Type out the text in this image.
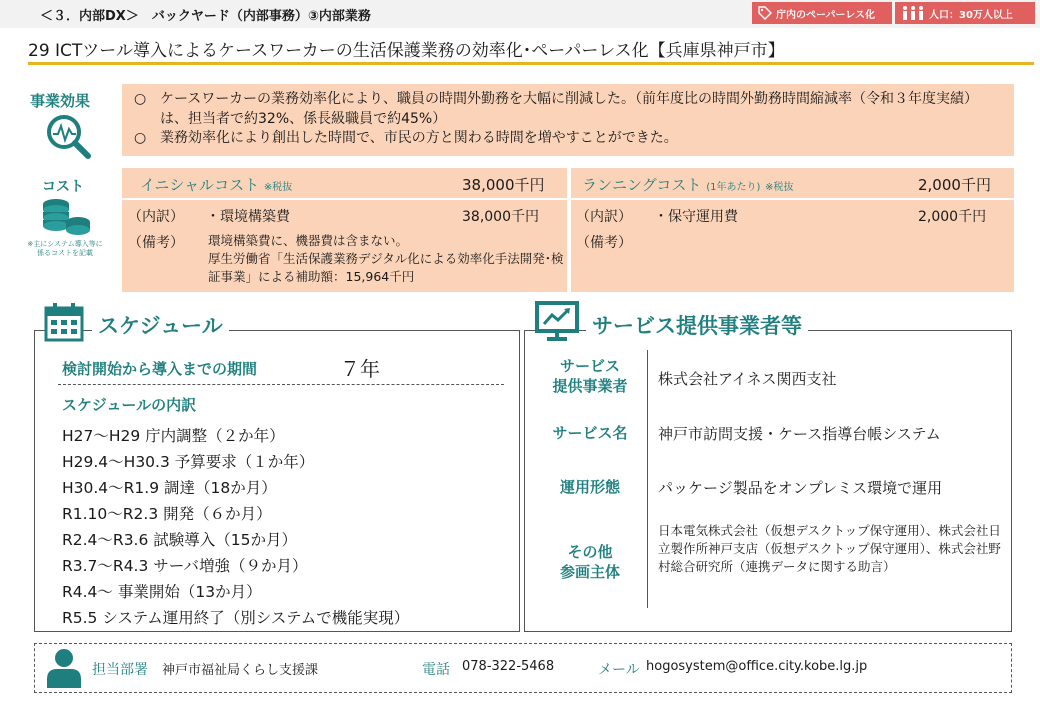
＜３．内部DX＞　バックヤード（内部事務）③内部業務	庁内のペーパーレス化	人口：30万人以上
29 ICTツール導入によるケースワーカーの生活保護業務の効率化･ペーパーレス化【兵庫県神戸市】
事業効果	○ ケースワーカーの業務効率化により、職員の時間外勤務を大幅に削減した。（前年度比の時間外勤務時間縮減率（令和３年度実績）は、担当者で約32%、係長級職員で約45%）
○ 業務効率化により創出した時間で、市民の方と関わる時間を増やすことができた。
コスト
※主にシステム導入等に係るコストを記載
イニシャルコスト ※税抜	38,000千円
（内訳） ・環境構築費	38,000千円
（備考） 環境構築費に、機器費は含まない。
厚生労働省「生活保護業務デジタル化による効率化手法開発･検証事業」による補助額：15,964千円
ランニングコスト (1年あたり) ※税抜	2,000千円
（内訳） ・保守運用費	2,000千円
（備考）
スケジュール
検討開始から導入までの期間	７年
スケジュールの内訳
H27～H29 庁内調整（２か年）
H29.4～H30.3 予算要求（１か年）
H30.4～R1.9 調達（18か月）
R1.10～R2.3 開発（６か月）
R2.4～R3.6 試験導入（15か月）
R3.7～R4.3 サーバ増強（９か月）
R4.4～ 事業開始（13か月）
R5.5 システム運用終了（別システムで機能実現）
サービス提供事業者等
サービス
提供事業者	株式会社アイネス関西支社
サービス名	神戸市訪問支援・ケース指導台帳システム
運用形態	パッケージ製品をオンプレミス環境で運用
その他
参画主体
日本電気株式会社（仮想デスクトップ保守運用）、株式会社日立製作所神戸支店（仮想デスクトップ保守運用）、株式会社野村総合研究所（連携データに関する助言）
担当部署 神戸市福祉局くらし支援課	電話 078-322-5468	メール hogosystem@office.city.kobe.lg.jp
